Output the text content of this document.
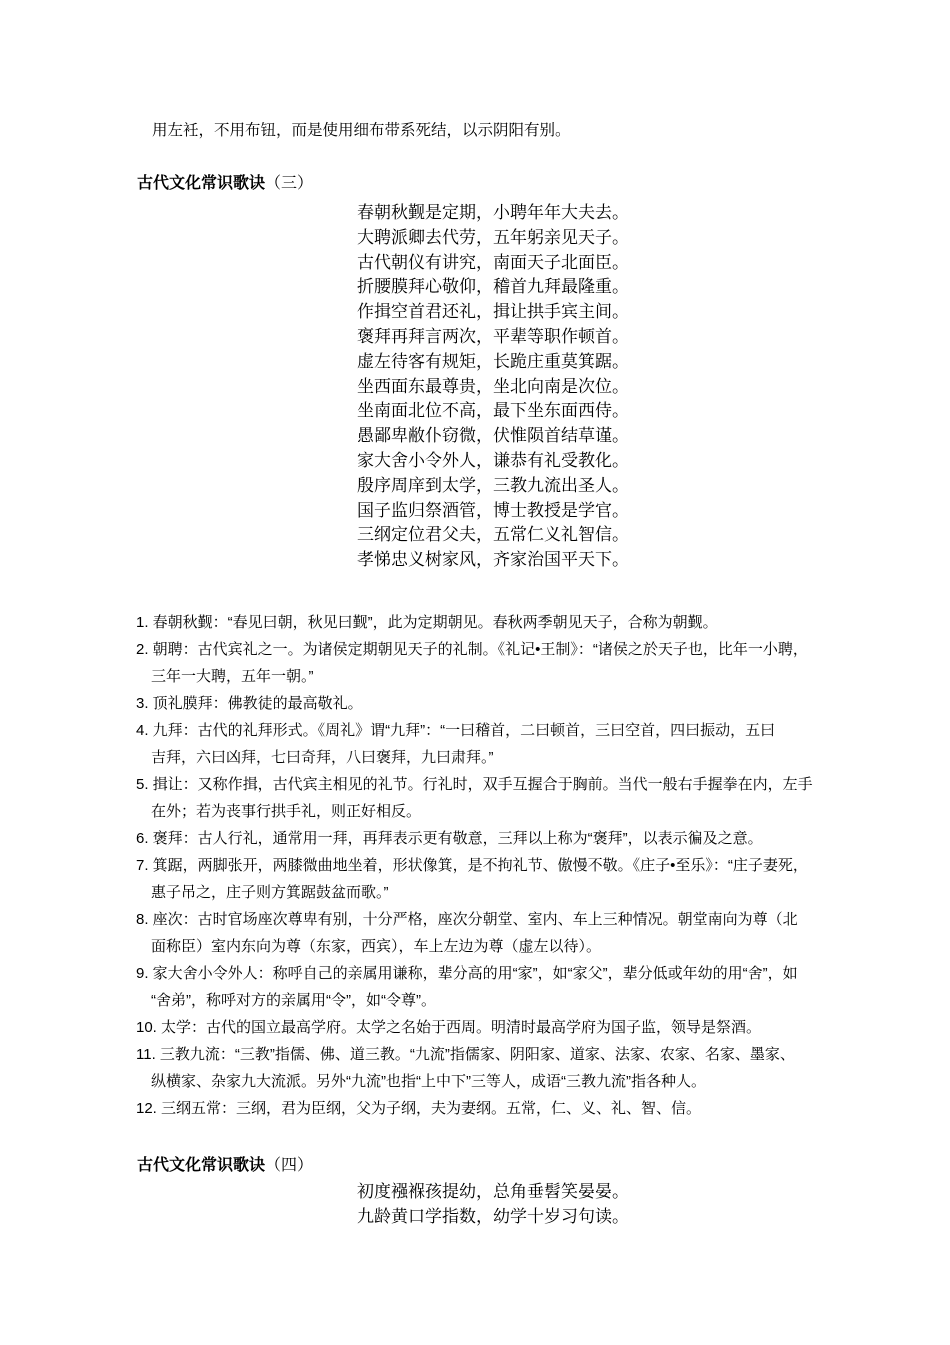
用左衽，不用布钮，而是使用细布带系死结，以示阴阳有别。
古代文化常识歌诀（三）
春朝秋觐是定期，小聘年年大夫去。
大聘派卿去代劳，五年躬亲见天子。
古代朝仪有讲究，南面天子北面臣。
折腰膜拜心敬仰，稽首九拜最隆重。
作揖空首君还礼，揖让拱手宾主间。
褒拜再拜言两次，平辈等职作顿首。
虚左待客有规矩，长跪庄重莫箕踞。
坐西面东最尊贵，坐北向南是次位。
坐南面北位不高，最下坐东面西侍。
愚鄙卑敝仆窃微，伏惟陨首结草谨。
家大舍小令外人，谦恭有礼受教化。
殷序周庠到太学，三教九流出圣人。
国子监归祭酒管，博士教授是学官。
三纲定位君父夫，五常仁义礼智信。
孝悌忠义树家风，齐家治国平天下。
1. 春朝秋觐：“春见曰朝，秋见曰觐”，此为定期朝见。春秋两季朝见天子，合称为朝觐。
2. 朝聘：古代宾礼之一。为诸侯定期朝见天子的礼制。《礼记•王制》：“诸侯之於天子也，比年一小聘，
三年一大聘，五年一朝。”
3. 顶礼膜拜：佛教徒的最高敬礼。
4. 九拜：古代的礼拜形式。《周礼》谓“九拜”：“一曰稽首，二曰顿首，三曰空首，四曰振动，五曰
吉拜，六曰凶拜，七曰奇拜，八曰褒拜，九曰肃拜。”
5. 揖让：又称作揖，古代宾主相见的礼节。行礼时，双手互握合于胸前。当代一般右手握拳在内，左手
在外；若为丧事行拱手礼，则正好相反。
6. 褒拜：古人行礼，通常用一拜，再拜表示更有敬意，三拜以上称为“褒拜”，以表示徧及之意。
7. 箕踞，两脚张开，两膝微曲地坐着，形状像箕，是不拘礼节、傲慢不敬。《庄子•至乐》：“庄子妻死，
惠子吊之，庄子则方箕踞鼓盆而歌。”
8. 座次：古时官场座次尊卑有别，十分严格，座次分朝堂、室内、车上三种情况。朝堂南向为尊（北
面称臣）室内东向为尊（东家，西宾），车上左边为尊（虚左以待）。
9. 家大舍小令外人：称呼自己的亲属用谦称，辈分高的用“家”，如“家父”，辈分低或年幼的用“舍”，如
“舍弟”，称呼对方的亲属用“令”，如“令尊”。
10. 太学：古代的国立最高学府。太学之名始于西周。明清时最高学府为国子监，领导是祭酒。
11. 三教九流：“三教”指儒、佛、道三教。“九流”指儒家、阴阳家、道家、法家、农家、名家、墨家、
纵横家、杂家九大流派。另外“九流”也指“上中下”三等人，成语“三教九流”指各种人。
12. 三纲五常：三纲，君为臣纲，父为子纲，夫为妻纲。五常，仁、义、礼、智、信。
古代文化常识歌诀（四）
初度襁褓孩提幼，总角垂髫笑晏晏。
九龄黄口学指数，幼学十岁习句读。
